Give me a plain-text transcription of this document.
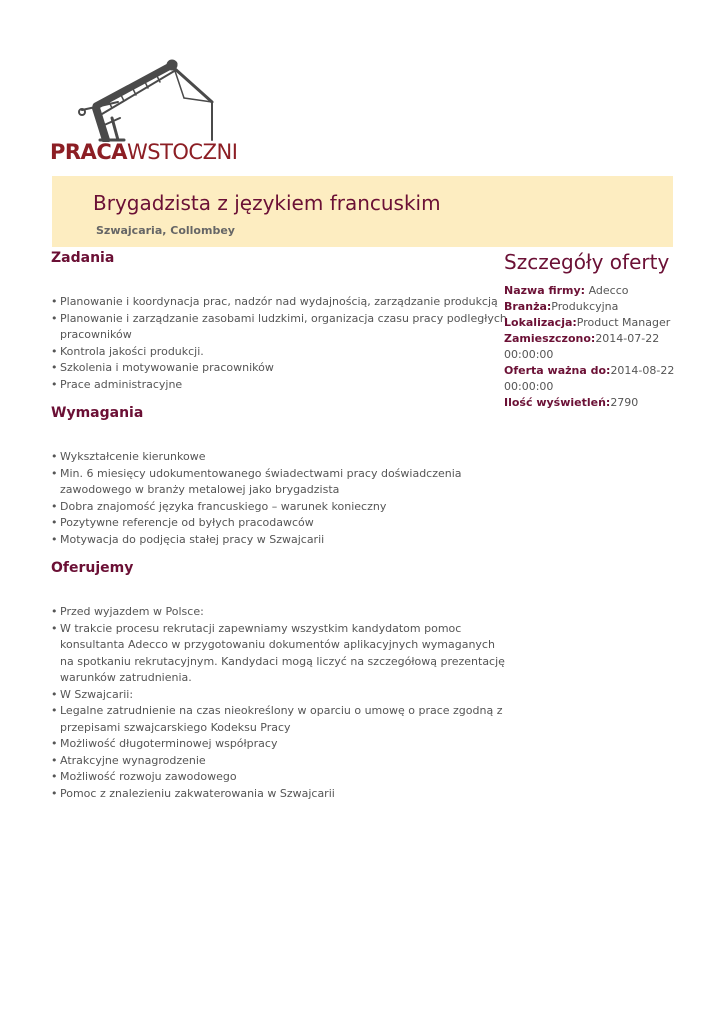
PRACAWSTOCZNI
Brygadzista z językiem francuskim
Szwajcaria, Collombey
Zadania
• Planowanie i koordynacja prac, nadzór nad wydajnością, zarządzanie produkcją
• Planowanie i zarządzanie zasobami ludzkimi, organizacja czasu pracy podległych pracowników
• Kontrola jakości produkcji.
• Szkolenia i motywowanie pracowników
• Prace administracyjne
Wymagania
• Wykształcenie kierunkowe
• Min. 6 miesięcy udokumentowanego świadectwami pracy doświadczenia zawodowego w branży metalowej jako brygadzista
• Dobra znajomość języka francuskiego – warunek konieczny
• Pozytywne referencje od byłych pracodawców
• Motywacja do podjęcia stałej pracy w Szwajcarii
Oferujemy
• Przed wyjazdem w Polsce:
• W trakcie procesu rekrutacji zapewniamy wszystkim kandydatom pomoc konsultanta Adecco w przygotowaniu dokumentów aplikacyjnych wymaganych na spotkaniu rekrutacyjnym. Kandydaci mogą liczyć na szczegółową prezentację warunków zatrudnienia.
• W Szwajcarii:
• Legalne zatrudnienie na czas nieokreślony w oparciu o umowę o prace zgodną z przepisami szwajcarskiego Kodeksu Pracy
• Możliwość długoterminowej współpracy
• Atrakcyjne wynagrodzenie
• Możliwość rozwoju zawodowego
• Pomoc z znalezieniu zakwaterowania w Szwajcarii
Szczegóły oferty
Nazwa firmy: Adecco
Branża:Produkcyjna
Lokalizacja:Product Manager
Zamieszczono:2014-07-22 00:00:00
Oferta ważna do:2014-08-22 00:00:00
Ilość wyświetleń:2790
